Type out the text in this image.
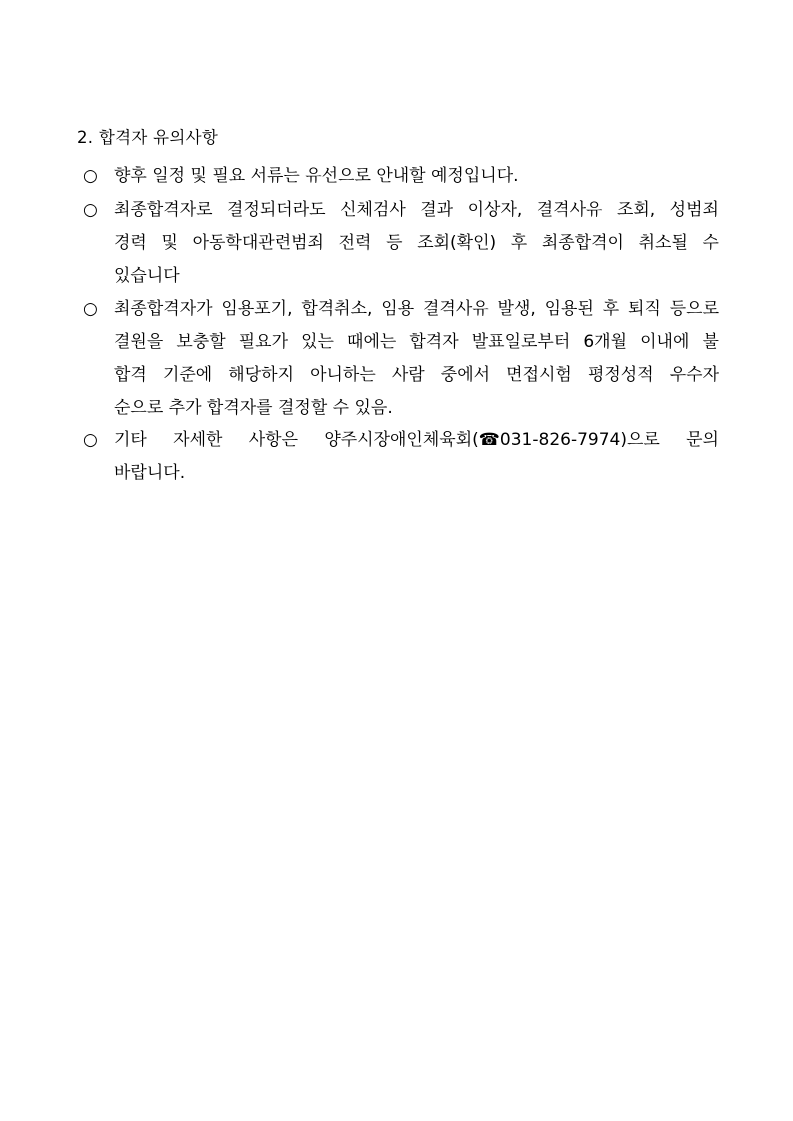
2. 합격자 유의사항
○ 향후 일정 및 필요 서류는 유선으로 안내할 예정입니다.
○ 최종합격자로 결정되더라도 신체검사 결과 이상자, 결격사유 조회, 성범죄
경력 및 아동학대관련범죄 전력 등 조회(확인) 후 최종합격이 취소될 수
있습니다
○ 최종합격자가 임용포기, 합격취소, 임용 결격사유 발생, 임용된 후 퇴직 등으로
결원을 보충할 필요가 있는 때에는 합격자 발표일로부터 6개월 이내에 불
합격 기준에 해당하지 아니하는 사람 중에서 면접시험 평정성적 우수자
순으로 추가 합격자를 결정할 수 있음.
○ 기타 자세한 사항은 양주시장애인체육회(☎031-826-7974)으로 문의
바랍니다.
